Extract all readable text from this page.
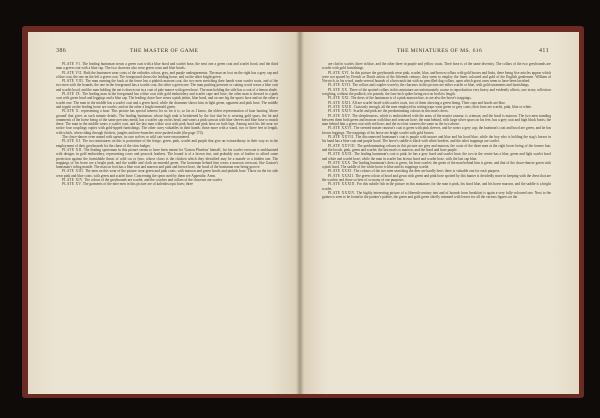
386	THE MASTER OF GAME

PLATE VI. The leading huntsman wears a green coat with a blue hood and scarlet hose, the next one a green coat and scarlet hood, and the third man a green coat with a blue cap. The two chaceurs also wear green coats and blue hoods.

PLATE VII. Both the huntsmen wear coats of the orthodox colour, grey, and purple undergarments. The man on foot on the right has a grey cap and a blue coat, the one on the left a green coat. The foreground shows the leading horse, and on the other bright green.

PLATE VIII. The man running the buck at the fence has a pinkish maroon coat, the two men stretching their hands wear scarlet coats, and of the two men with the hounds, the one in the foreground has a scarlet coat, the other a green one. The man pushing presents or cutting wood wears a blue coat and scarlet hood, and the man holding the net is drawn out in a coat of pale mauve with green hose. The man holding the stile has a coat of a lemon shade.

PLATE IX. The leading man in the foreground has a blue coat with gold embroidery and scarlet cape and hose, the other man is dressed in a pink coat with green hood and leggings and a blue cap. The leading chace-lace wears a pink jerkin, blue hood, and on one leg the sports hose and on the other a scarlet one. The man in the middle has a scarlet coat and a green hood, while the drummer shows him in light green, apparent and pink hose. The middle and topple on the leading horse are scarlet, and on the other a bright emerald green.

PLATE X. representing a boar. This picture has special interest for us for it is, so far as I know, the oldest representation of boar hunting 'above ground' that gives us such minute details. The leading huntsman, whose high rank is betokened by the fact that he is wearing gold spurs, the lot and ornaments of the horse being of the same precious metal, has a scarlet cap on his head, and wears a pink surcoat with blue sleeves and blue hose to match these. The man in the middle wears a scarlet coat, and the last man a blue coat with pink hood and pink hose on both legs. Among each his left near we notice four couplings copies with gold-tipped furnishings. The other curry valuables in their hands; those more with a wand, two or three feet in length, with which, when riding through thickets, jungles and tree-branches were pushed aside (the page 174).

The chace-dancer even armed with spears, in case wolves or wild cats were encountered.

PLATE XI. The two miniatures on this is portraiture of the fringe, green, pink, scarlet and purple that give an extraordinary in their way as in the employment of their greyhounds for the chase of the slow badger.

PLATE XII. The leading sportsman in this picture seems to have been meant for 'Gaston Phoebus' himself, for his scarlet overcoat is emblazoned with designs in gold embroidery, representing roses and peacock feathers. The hound is of a brown tint, and probably was of leather to afford some protection against the formidable thrust of wild cat or lynx, whose claws is the chicken which they identified may be a mantle or a hidden one. The trappings of his horse are a bright pink, and the saddle and cloth an emerald green. The horseman behind him wears a maroon overcoat, like Gaston's huntsman's riding mantle. The man on foot has a blue coat and maroon and pink and brown hose, the hood of the huntsman rear being groove.

PLATE XIII. The men on this wear of the picture wear green and pink coats, with maroon and green hoods and pinkish hose. Those on the far side wear pink and blue coats, with green and scarlet hose. Concerning the spear used by them see Appendix: Arms.

PLATE XIV. The colour of the greyhounds are scarlet, and the coaches and collars of the chaceurs are scarlet.

PLATE XV. The garments of the nine men in this picture are of kaleidoscopic hues; three

THE MINIATURES OF MS. 616	411

are clad in scarlet, three in blue, and the other three in purple and yellow coats. Their hose is of the same diversity. The collars of the two greyhounds are scarlet with gold furnishings.

PLATE XVI. In this picture the greyhounds wear pink, scarlet, blue, and brown collars with gold bosses and links, there being five articles appear which were not spared by French or Dutch artists of the fifteenth century; they seem to employ the finest coloured and gold of the English gentlemen. William of Norwich, in his wood, made several hounds of a brownish tint with no pencilled dog collars, upon which great cares seem to have been lavished.

PLATE XVII. The collars and couples worn by the chaceurs in this picture are either scarlet or blue, with gold ornaments and furnishings.

PLATE XX. Three of the spotted collars in this miniature are unfortunately coarse to reproduction very heavy and evidently affects, one in my collection weighing, without the padlock, ten pounds; the four-inch spikes being rust on both its length.

PLATE XXI. The dress of the huntsman is of a pink maroon hue, as are also the horse's trappings.

PLATE XXII. All are scarlet-faced with scarlet coats, two of them showing a green lining. Their caps and hoods are blue.

PLATE XXIII. Curiously enough, all the men employed in setting traps wear green or grey coats; their hose are scarlet, pink, blue or white.

PLATE XXIV. Scarlet and pink are the predominating colours in this man's dress.

PLATE XXV. The sleeplessness, which is embroidered with the arms of the master rauseur, is crimson, and the hood is maroon. The two men standing between them both green and maroon with blue and crimson hose; the man behind, with large silver spurs on his feet, has a grey coat and high black boots; the man behind him a green coat with red hose; and the two last wearers the same as the two above.

PLATE XXVI. The seemed master rauseur's coat is green with pink sleeves, and he wears a grey cap; the boatman's coat and hood are green, and he has brown leggings. The trappings of his horse are bright scarlet with gold bosses.

PLATE XXVII. The disconnected huntsman's coat is purple with mauve and blue and his hood blue, while the boy who is holding the stag's horses in his hand has a blue coat and purple hood. The horse's saddle is black with white borders, and the other trappings are scarlet.

PLATE XXVIII. The predominating colours in this picture are grey and maroon, the coats of the three men at the right lower being of the former hue, and the hoods, pink, green and scarlet; the last man's is maroon, and the hood and hose purple.

PLATE XXIX. The leading huntsman's coat is pink; he has a grey hood and scarlet hose; the two in the centre has a blue, green and light scarlet hood and white and scarlet hose; while the man in scarlet has brown hood and scarlet hose, with the last cap blue.

PLATE XXX. The leading huntsman's dress is green, his hose scarlet; the green of the man behind him is green, and that of the chace-dancer green with a pink hood. The saddle of the white horse is blue and its trappings scarlet.

PLATE XXXI. The colours of the two men searching the deer are hardly here; there is valuable one for each purpose.

PLATE XXXII. The green colour of hood and gown with green and pink hose spotted by this hunter is decidedly more in keeping with the dress that are the scarlets and those so best of so many of our purposes.

PLATE XXXIII. For this subtile fish in the picture in this miniature, for the man is pink, his hood blue, and his horse maroon, and the saddle is a bright scarlet.

PLATE XXXIV. The highly interesting picture of a fifteenth-century tent and of hounds from breakfast is again a very fully-coloured one. Next to the guinea is seen to be found in the painter's palette, the green and gold green chiefly trimmed with leaves for all the various figures on the
